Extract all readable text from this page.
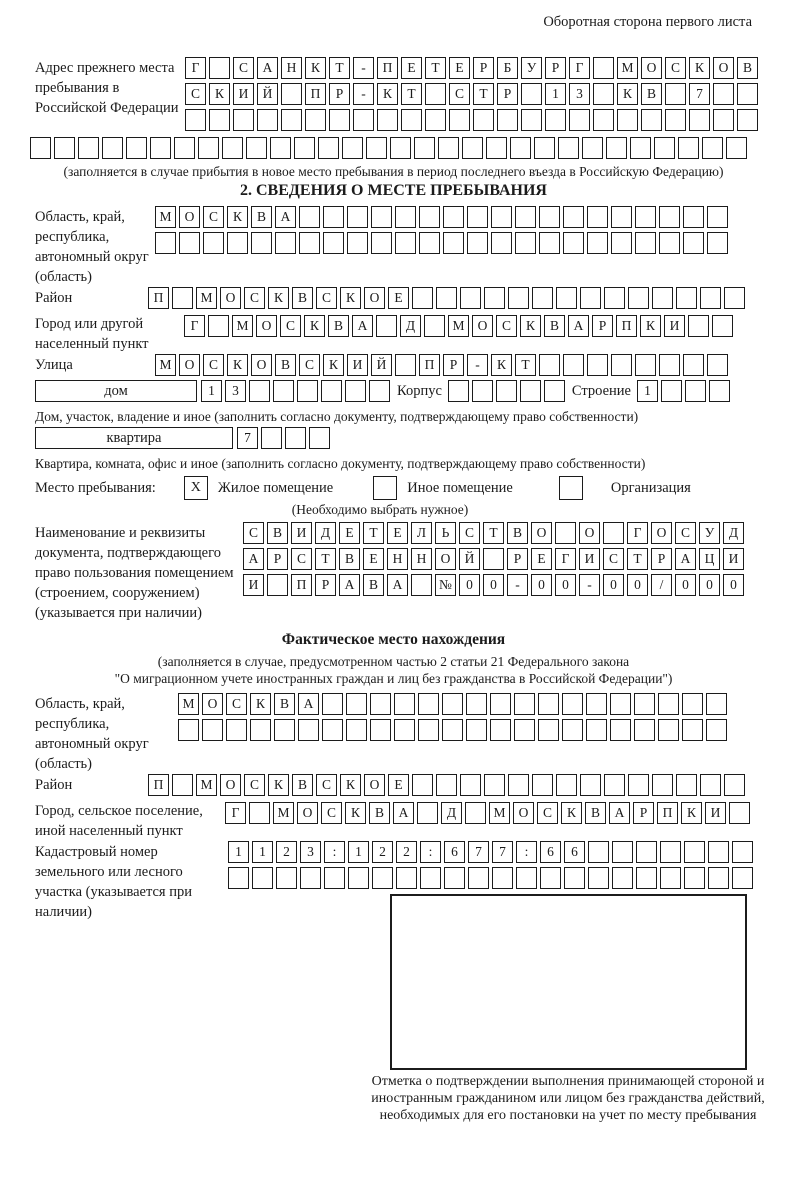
Оборотная сторона первого листа
Адрес прежнего места пребывания в Российской Федерации
Г	С	А	Н	К	Т	-	П	Е	Т	Е	Р	Б	У	Р	Г	М О	С	К	О	В
С	К	И	Й	П	Р	-	К	Т	С	Т	Р	1	3	К	В	7
(заполняется в случае прибытия в новое место пребывания в период последнего въезда в Российскую Федерацию)
2. СВЕДЕНИЯ О МЕСТЕ ПРЕБЫВАНИЯ
Область, край, республика, автономный округ (область)
М О	С	К	В	А
Район	П	М О	С	К	В	С	К	О	Е
Город или другой населенный пункт
Г	М О	С	К	В	А	Д	М О	С	К	В	А	Р	П	К	И
Улица	М О	С	К	О	В	С	К	И	Й	П	Р	-	К	Т
дом	1	3	Корпус	Строение 1
Дом, участок, владение и иное (заполнить согласно документу, подтверждающему право собственности)
квартира	7
Квартира, комната, офис и иное (заполнить согласно документу, подтверждающему право собственности)
Место пребывания:	X	Жилое помещение	Иное помещение	Организация
(Необходимо выбрать нужное)
Наименование и реквизиты документа, подтверждающего право пользования помещением (строением, сооружением) (указывается при наличии)
С	В	И	Д	Е	Т	Е	Л	Ь	С	Т	В	О	О	Г	О	С	У	Д
А	Р	С	Т	В	Е	Н	Н	О	Й	Р	Е	Г	И	С	Т	Р	А	Ц	И
И	П	Р	А	В	А	№	0	0	-	0	0	-	0	0	/	0	0	0
Фактическое место нахождения
(заполняется в случае, предусмотренном частью 2 статьи 21 Федерального закона
"О миграционном учете иностранных граждан и лиц без гражданства в Российской Федерации")
Область, край, республика, автономный округ (область)
М О	С	К	В	А
Район	П	М О	С	К	В	С	К	О	Е
Город, сельское поселение, иной населенный пункт
Г	М О	С	К	В	А	Д	М О	С	К	В	А	Р	П	К	И
Кадастровый номер земельного или лесного участка (указывается при наличии)
1	1	2	3	:	1	2	2	:	6	7	7	:	6	6
Отметка о подтверждении выполнения принимающей стороной и иностранным гражданином или лицом без гражданства действий, необходимых для его постановки на учет по месту пребывания
